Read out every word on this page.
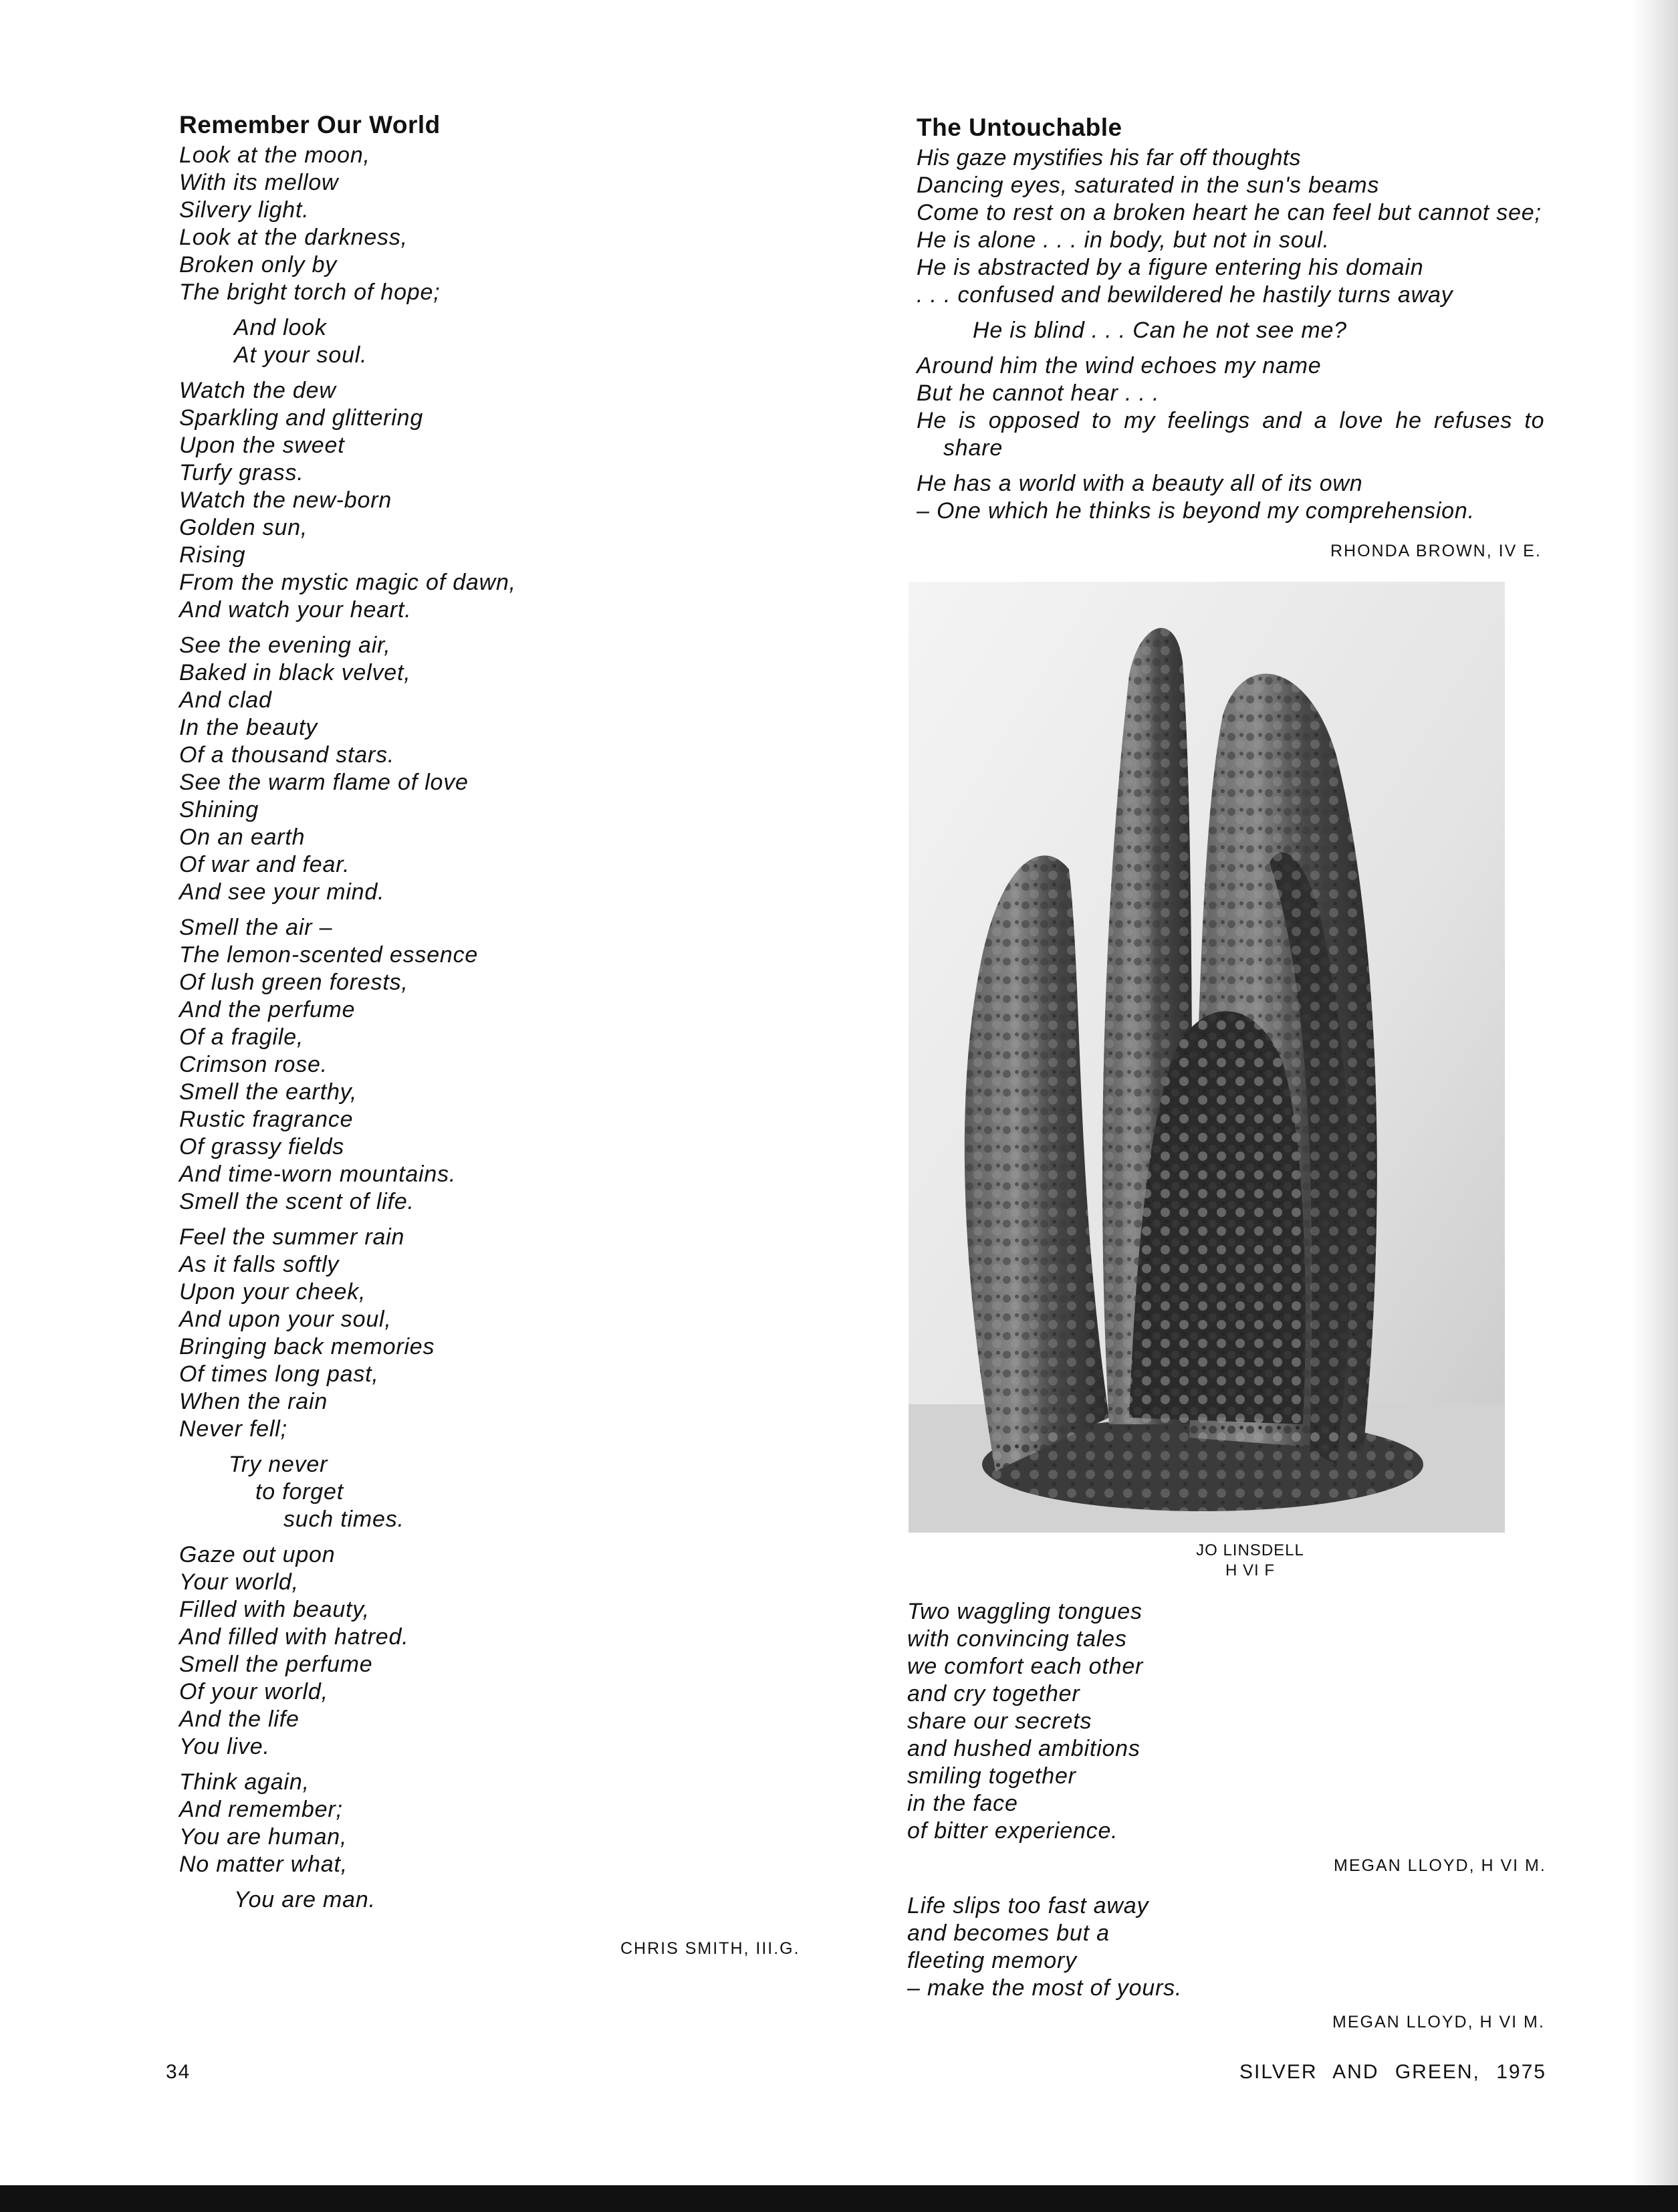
Remember Our World
Look at the moon,
With its mellow
Silvery light.
Look at the darkness,
Broken only by
The bright torch of hope;
And look
At your soul.
Watch the dew
Sparkling and glittering
Upon the sweet
Turfy grass.
Watch the new-born
Golden sun,
Rising
From the mystic magic of dawn,
And watch your heart.
See the evening air,
Baked in black velvet,
And clad
In the beauty
Of a thousand stars.
See the warm flame of love
Shining
On an earth
Of war and fear.
And see your mind.
Smell the air –
The lemon-scented essence
Of lush green forests,
And the perfume
Of a fragile,
Crimson rose.
Smell the earthy,
Rustic fragrance
Of grassy fields
And time-worn mountains.
Smell the scent of life.
Feel the summer rain
As it falls softly
Upon your cheek,
And upon your soul,
Bringing back memories
Of times long past,
When the rain
Never fell;
Try never
to forget
such times.
Gaze out upon
Your world,
Filled with beauty,
And filled with hatred.
Smell the perfume
Of your world,
And the life
You live.
Think again,
And remember;
You are human,
No matter what,
You are man.
CHRIS SMITH, III.G.
The Untouchable
His gaze mystifies his far off thoughts
Dancing eyes, saturated in the sun's beams
Come to rest on a broken heart he can feel but cannot see;
He is alone . . . in body, but not in soul.
He is abstracted by a figure entering his domain
. . . confused and bewildered he hastily turns away
He is blind . . . Can he not see me?
Around him the wind echoes my name
But he cannot hear . . .
He is opposed to my feelings and a love he refuses to
share
He has a world with a beauty all of its own
– One which he thinks is beyond my comprehension.
RHONDA BROWN, IV E.
JO LINSDELL
H VI F
Two waggling tongues
with convincing tales
we comfort each other
and cry together
share our secrets
and hushed ambitions
smiling together
in the face
of bitter experience.
MEGAN LLOYD, H VI M.
Life slips too fast away
and becomes but a
fleeting memory
– make the most of yours.
MEGAN LLOYD, H VI M.
34	SILVER AND GREEN, 1975
